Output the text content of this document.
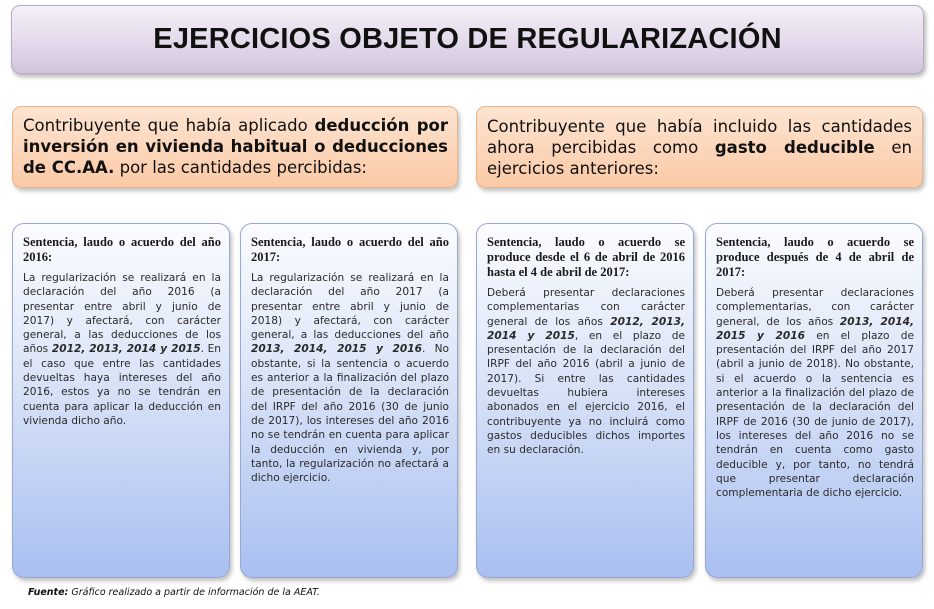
EJERCICIOS OBJETO DE REGULARIZACIÓN
Contribuyente que había aplicado deducción por inversión en vivienda habitual o deducciones de CC.AA. por las cantidades percibidas:
Contribuyente que había incluido las cantidades ahora percibidas como gasto deducible en ejercicios anteriores:

Sentencia, laudo o acuerdo del año 2016:

La regularización se realizará en la declaración del año 2016 (a presentar entre abril y junio de 2017) y afectará, con carácter general, a las deducciones de los años 2012, 2013, 2014 y 2015. En el caso que entre las cantidades devueltas haya intereses del año 2016, estos ya no se tendrán en cuenta para aplicar la deducción en vivienda dicho año.

Sentencia, laudo o acuerdo del año 2017:

La regularización se realizará en la declaración del año 2017 (a presentar entre abril y junio de 2018) y afectará, con carácter general, a las deducciones del año 2013, 2014, 2015 y 2016. No obstante, si la sentencia o acuerdo es anterior a la finalización del plazo de presentación de la declaración del IRPF del año 2016 (30 de junio de 2017), los intereses del año 2016 no se tendrán en cuenta para aplicar la deducción en vivienda y, por tanto, la regularización no afectará a dicho ejercicio.

Sentencia, laudo o acuerdo se produce desde el 6 de abril de 2016 hasta el 4 de abril de 2017:

Deberá presentar declaraciones complementarias con carácter general de los años 2012, 2013, 2014 y 2015, en el plazo de presentación de la declaración del IRPF del año 2016 (abril a junio de 2017). Si entre las cantidades devueltas hubiera intereses abonados en el ejercicio 2016, el contribuyente ya no incluirá como gastos deducibles dichos importes en su declaración.

Sentencia, laudo o acuerdo se produce después de 4 de abril de 2017:

Deberá presentar declaraciones complementarias, con carácter general, de los años 2013, 2014, 2015 y 2016 en el plazo de presentación del IRPF del año 2017 (abril a junio de 2018). No obstante, si el acuerdo o la sentencia es anterior a la finalización del plazo de presentación de la declaración del IRPF de 2016 (30 de junio de 2017), los intereses del año 2016 no se tendrán en cuenta como gasto deducible y, por tanto, no tendrá que presentar declaración complementaria de dicho ejercicio.

Fuente: Gráfico realizado a partir de información de la AEAT.
